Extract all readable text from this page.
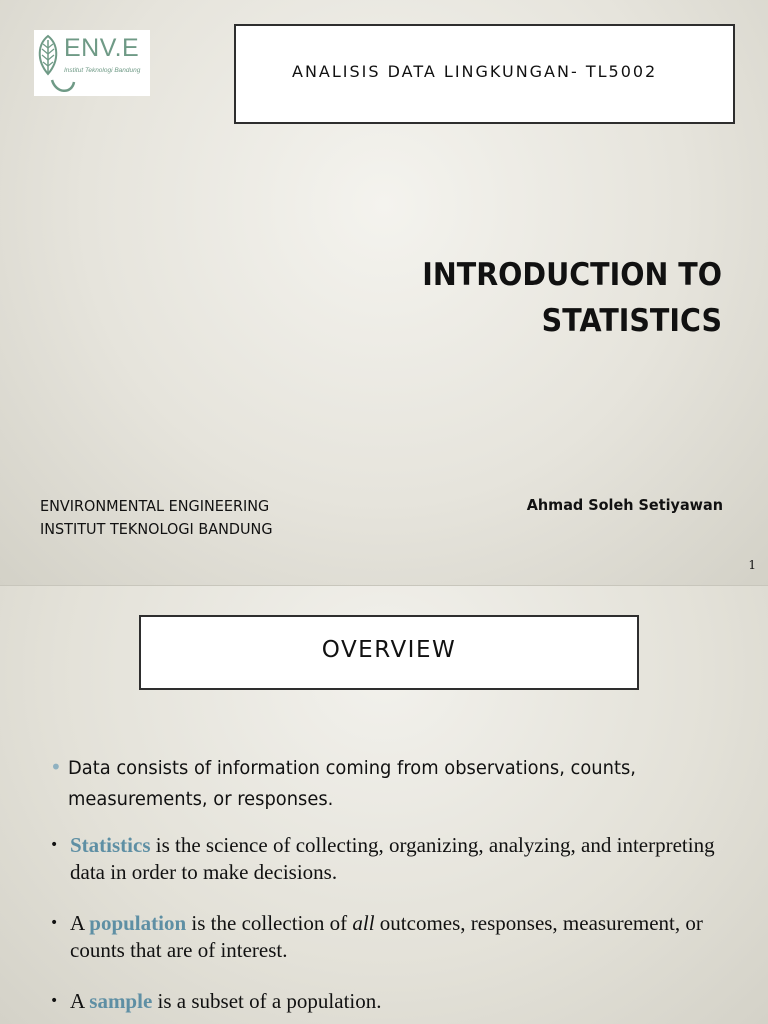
ENV.E
Institut Teknologi Bandung	ANALISIS DATA LINGKUNGAN- TL5002
INTRODUCTION TO
STATISTICS
ENVIRONMENTAL ENGINEERING
INSTITUT TEKNOLOGI BANDUNG
Ahmad Soleh Setiyawan
1
OVERVIEW
• Data consists of information coming from observations, counts, measurements, or responses.
• Statistics is the science of collecting, organizing, analyzing, and interpreting data in order to make decisions.
• A population is the collection of all outcomes, responses, measurement, or counts that are of interest.
• A sample is a subset of a population.
